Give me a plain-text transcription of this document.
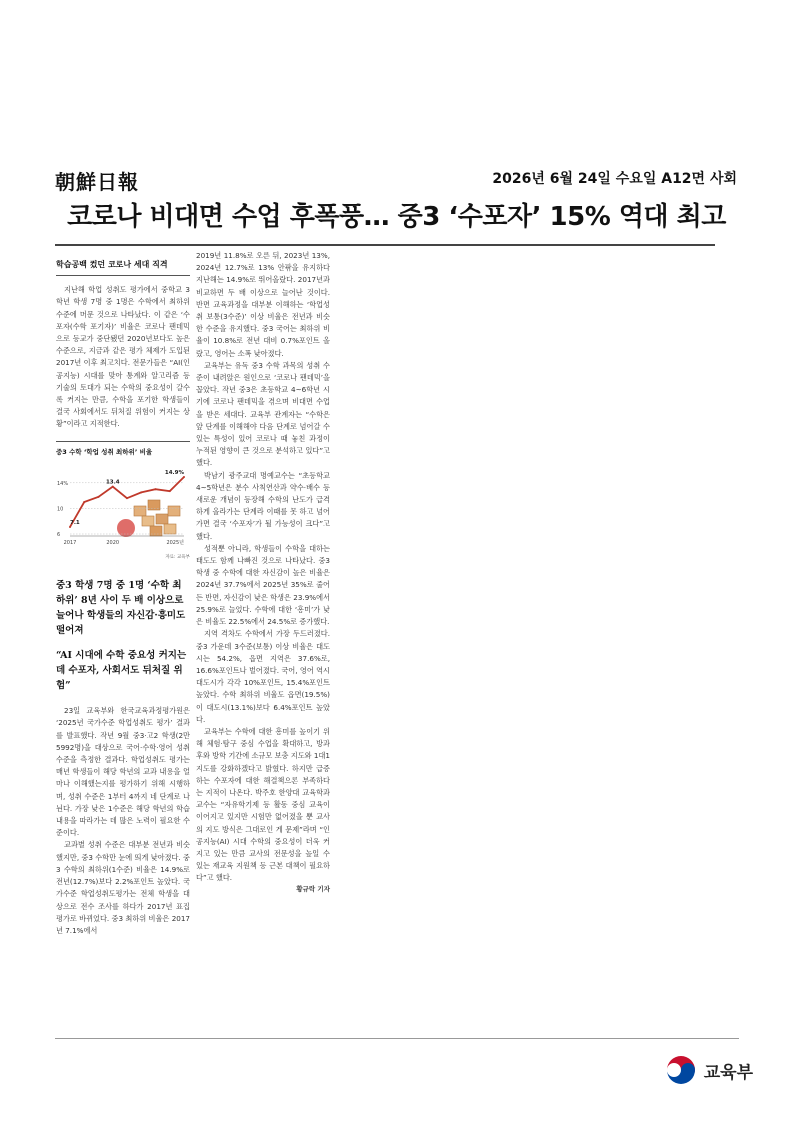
朝鮮日報	2026년 6월 24일 수요일 A12면 사회
코로나 비대면 수업 후폭풍… 중3 ‘수포자’ 15% 역대 최고
학습공백 컸던 코로나 세대 직격

지난해 학업 성취도 평가에서 중학교 3학년 학생 7명 중 1명은 수학에서 최하위 수준에 머문 것으로 나타났다. 이 같은 ‘수포자(수학 포기자)’ 비율은 코로나 팬데믹으로 등교가 중단됐던 2020년보다도 높은 수준으로, 지금과 같은 평가 체제가 도입된 2017년 이후 최고치다. 전문가들은 “AI(인공지능) 시대를 맞아 통계와 알고리즘 등 기술의 토대가 되는 수학의 중요성이 갈수록 커지는 만큼, 수학을 포기한 학생들이 결국 사회에서도 뒤처질 위험이 커지는 상황”이라고 지적한다.

중3 수학 ‘학업 성취 최하위’ 비율
14%
10
6
2017	2020	2025년
7.1
13.4
14.9%
자료: 교육부
중3 학생 7명 중 1명 ‘수학 최하위’ 8년 사이 두 배 이상으로 늘어나 학생들의 자신감·흥미도 떨어져
“AI 시대에 수학 중요성 커지는데 수포자, 사회서도 뒤처질 위험”

23일 교육부와 한국교육과정평가원은 ‘2025년 국가수준 학업성취도 평가’ 결과를 발표했다. 작년 9월 중3·고2 학생(2만5992명)을 대상으로 국어·수학·영어 성취 수준을 측정한 결과다. 학업성취도 평가는 매년 학생들이 해당 학년의 교과 내용을 얼마나 이해했는지를 평가하기 위해 시행하며, 성취 수준은 1부터 4까지 네 단계로 나뉜다. 가장 낮은 1수준은 해당 학년의 학습 내용을 따라가는 데 많은 노력이 필요한 수준이다.

교과별 성취 수준은 대부분 전년과 비슷했지만, 중3 수학만 눈에 띄게 낮아졌다. 중3 수학의 최하위(1수준) 비율은 14.9%로 전년(12.7%)보다 2.2%포인트 높았다. 국가수준 학업성취도평가는 전체 학생을 대상으로 전수 조사를 하다가 2017년 표집 평가로 바뀌었다. 중3 최하위 비율은 2017년 7.1%에서

2019년 11.8%로 오른 뒤, 2023년 13%, 2024년 12.7%로 13% 안팎을 유지하다 지난해는 14.9%로 뛰어올랐다. 2017년과 비교하면 두 배 이상으로 늘어난 것이다. 반면 교육과정을 대부분 이해하는 ‘학업성취 보통(3수준)’ 이상 비율은 전년과 비슷한 수준을 유지했다. 중3 국어는 최하위 비율이 10.8%로 전년 대비 0.7%포인트 올랐고, 영어는 소폭 낮아졌다.

교육부는 유독 중3 수학 과목의 성취 수준이 내려앉은 원인으로 ‘코로나 팬데믹’을 꼽았다. 작년 중3은 초등학교 4~6학년 시기에 코로나 팬데믹을 겪으며 비대면 수업을 받은 세대다. 교육부 관계자는 “수학은 앞 단계를 이해해야 다음 단계로 넘어갈 수 있는 특성이 있어 코로나 때 놓친 과정이 누적된 영향이 큰 것으로 분석하고 있다”고 했다.

박남기 광주교대 명예교수는 “초등학교 4~5학년은 분수 사칙연산과 약수·배수 등 새로운 개념이 등장해 수학의 난도가 급격하게 올라가는 단계라 이때를 못 하고 넘어가면 결국 ‘수포자’가 될 가능성이 크다”고 했다.

성적뿐 아니라, 학생들이 수학을 대하는 태도도 함께 나빠진 것으로 나타났다. 중3 학생 중 수학에 대한 자신감이 높은 비율은 2024년 37.7%에서 2025년 35%로 줄어든 반면, 자신감이 낮은 학생은 23.9%에서 25.9%로 늘었다. 수학에 대한 ‘흥미’가 낮은 비율도 22.5%에서 24.5%로 증가했다.

지역 격차도 수학에서 가장 두드러졌다. 중3 가운데 3수준(보통) 이상 비율은 대도시는 54.2%, 읍면 지역은 37.6%로, 16.6%포인트나 벌어졌다. 국어, 영어 역시 대도시가 각각 10%포인트, 15.4%포인트 높았다. 수학 최하위 비율도 읍면(19.5%)이 대도시(13.1%)보다 6.4%포인트 높았다.

교육부는 수학에 대한 흥미를 높이기 위해 체험·탐구 중심 수업을 확대하고, 방과 후와 방학 기간에 소규모 보충 지도와 1대1 지도를 강화하겠다고 밝혔다. 하지만 급증하는 수포자에 대한 해결책으론 부족하다는 지적이 나온다. 박주호 한양대 교육학과 교수는 “자유학기제 등 활동 중심 교육이 이어지고 있지만 시험만 없어졌을 뿐 교사의 지도 방식은 그대로인 게 문제”라며 “인공지능(AI) 시대 수학의 중요성이 더욱 커지고 있는 만큼 교사의 전문성을 높일 수 있는 재교육 지원책 등 근본 대책이 필요하다”고 했다.

황규락 기자
교육부
